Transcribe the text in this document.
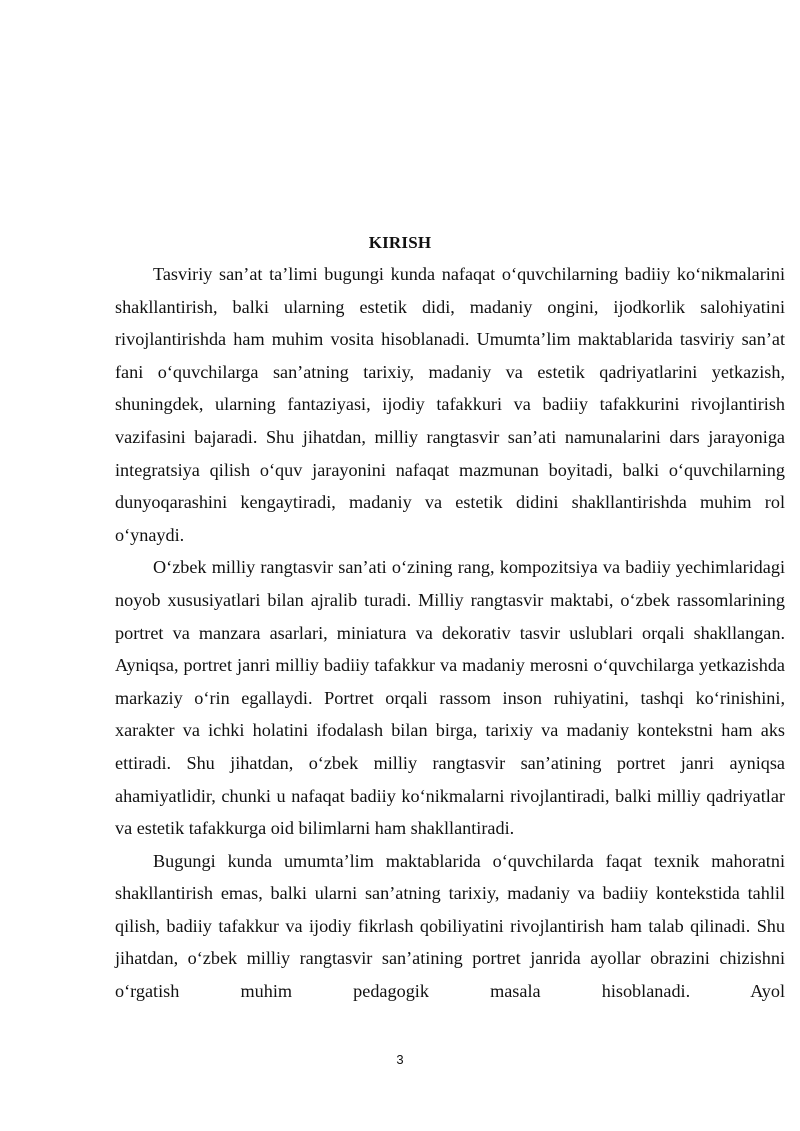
KIRISH

Tasviriy san’at ta’limi bugungi kunda nafaqat o‘quvchilarning badiiy ko‘nikmalarini shakllantirish, balki ularning estetik didi, madaniy ongini, ijodkorlik salohiyatini rivojlantirishda ham muhim vosita hisoblanadi. Umumta’lim maktablarida tasviriy san’at fani o‘quvchilarga san’atning tarixiy, madaniy va estetik qadriyatlarini yetkazish, shuningdek, ularning fantaziyasi, ijodiy tafakkuri va badiiy tafakkurini rivojlantirish vazifasini bajaradi. Shu jihatdan, milliy rangtasvir san’ati namunalarini dars jarayoniga integratsiya qilish o‘quv jarayonini nafaqat mazmunan boyitadi, balki o‘quvchilarning dunyoqarashini kengaytiradi, madaniy va estetik didini shakllantirishda muhim rol o‘ynaydi.

O‘zbek milliy rangtasvir san’ati o‘zining rang, kompozitsiya va badiiy yechimlaridagi noyob xususiyatlari bilan ajralib turadi. Milliy rangtasvir maktabi, o‘zbek rassomlarining portret va manzara asarlari, miniatura va dekorativ tasvir uslublari orqali shakllangan. Ayniqsa, portret janri milliy badiiy tafakkur va madaniy merosni o‘quvchilarga yetkazishda markaziy o‘rin egallaydi. Portret orqali rassom inson ruhiyatini, tashqi ko‘rinishini, xarakter va ichki holatini ifodalash bilan birga, tarixiy va madaniy kontekstni ham aks ettiradi. Shu jihatdan, o‘zbek milliy rangtasvir san’atining portret janri ayniqsa ahamiyatlidir, chunki u nafaqat badiiy ko‘nikmalarni rivojlantiradi, balki milliy qadriyatlar va estetik tafakkurga oid bilimlarni ham shakllantiradi.

Bugungi kunda umumta’lim maktablarida o‘quvchilarda faqat texnik mahoratni shakllantirish emas, balki ularni san’atning tarixiy, madaniy va badiiy kontekstida tahlil qilish, badiiy tafakkur va ijodiy fikrlash qobiliyatini rivojlantirish ham talab qilinadi. Shu jihatdan, o‘zbek milliy rangtasvir san’atining portret janrida ayollar obrazini chizishni o‘rgatish muhim pedagogik masala hisoblanadi. Ayol

3
